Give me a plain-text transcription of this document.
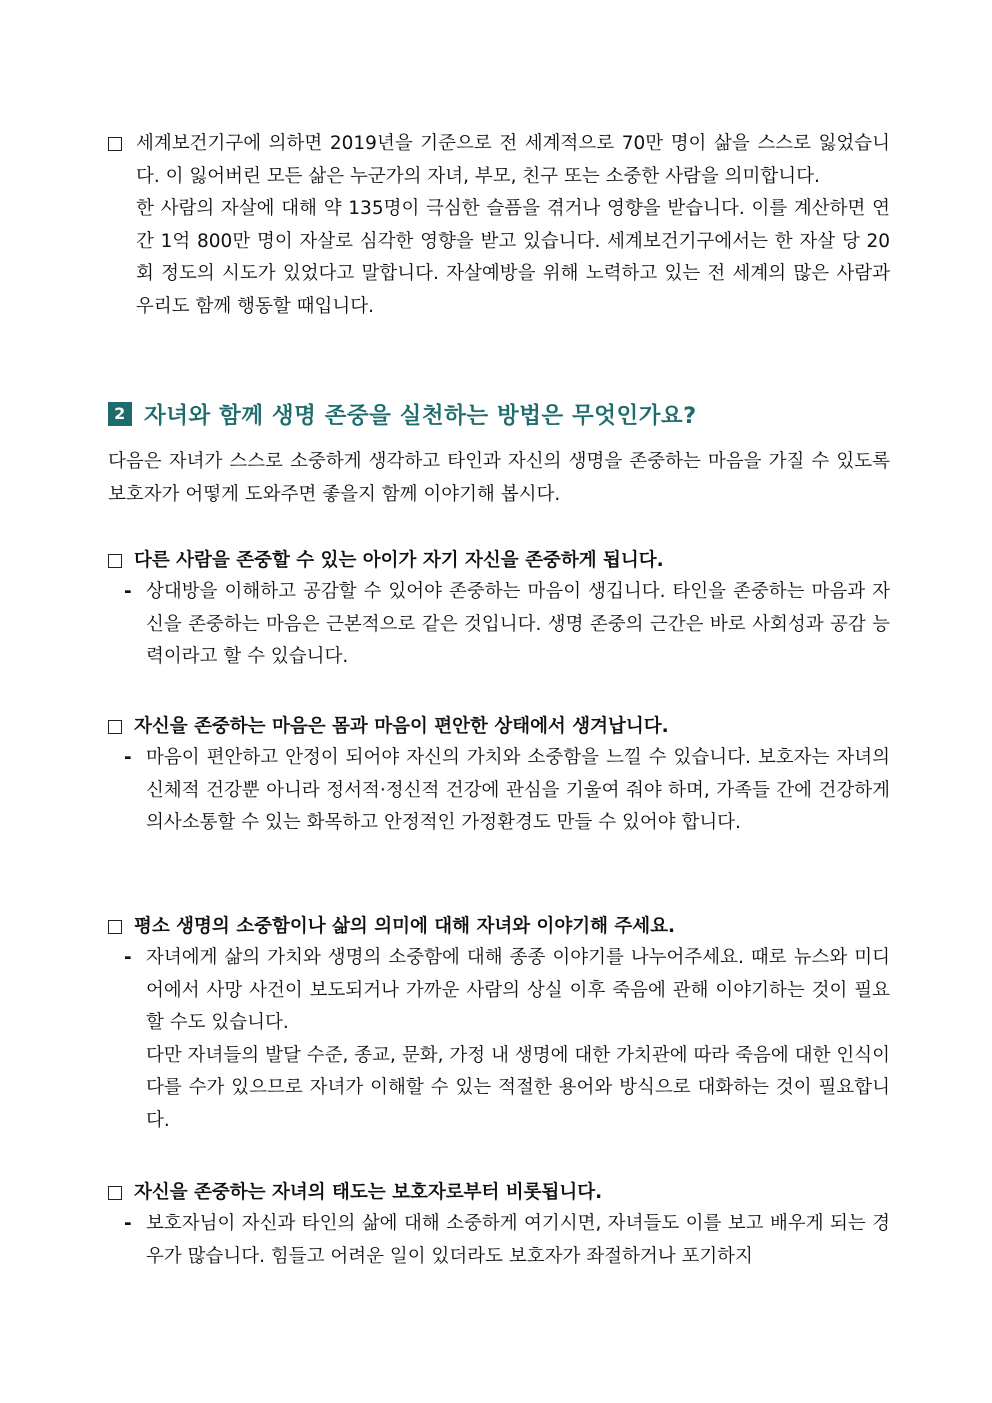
세계보건기구에 의하면 2019년을 기준으로 전 세계적으로 70만 명이 삶을 스스로 잃었습니다. 이 잃어버린 모든 삶은 누군가의 자녀, 부모, 친구 또는 소중한 사람을 의미합니다.

한 사람의 자살에 대해 약 135명이 극심한 슬픔을 겪거나 영향을 받습니다. 이를 계산하면 연간 1억 800만 명이 자살로 심각한 영향을 받고 있습니다. 세계보건기구에서는 한 자살 당 20회 정도의 시도가 있었다고 말합니다. 자살예방을 위해 노력하고 있는 전 세계의 많은 사람과 우리도 함께 행동할 때입니다.

2 자녀와 함께 생명 존중을 실천하는 방법은 무엇인가요?

다음은 자녀가 스스로 소중하게 생각하고 타인과 자신의 생명을 존중하는 마음을 가질 수 있도록 보호자가 어떻게 도와주면 좋을지 함께 이야기해 봅시다.

다른 사람을 존중할 수 있는 아이가 자기 자신을 존중하게 됩니다.
- 상대방을 이해하고 공감할 수 있어야 존중하는 마음이 생깁니다. 타인을 존중하는 마음과 자신을 존중하는 마음은 근본적으로 같은 것입니다. 생명 존중의 근간은 바로 사회성과 공감 능력이라고 할 수 있습니다.

자신을 존중하는 마음은 몸과 마음이 편안한 상태에서 생겨납니다.
- 마음이 편안하고 안정이 되어야 자신의 가치와 소중함을 느낄 수 있습니다. 보호자는 자녀의 신체적 건강뿐 아니라 정서적·정신적 건강에 관심을 기울여 줘야 하며, 가족들 간에 건강하게 의사소통할 수 있는 화목하고 안정적인 가정환경도 만들 수 있어야 합니다.

평소 생명의 소중함이나 삶의 의미에 대해 자녀와 이야기해 주세요.
- 자녀에게 삶의 가치와 생명의 소중함에 대해 종종 이야기를 나누어주세요. 때로 뉴스와 미디어에서 사망 사건이 보도되거나 가까운 사람의 상실 이후 죽음에 관해 이야기하는 것이 필요할 수도 있습니다.

다만 자녀들의 발달 수준, 종교, 문화, 가정 내 생명에 대한 가치관에 따라 죽음에 대한 인식이 다를 수가 있으므로 자녀가 이해할 수 있는 적절한 용어와 방식으로 대화하는 것이 필요합니다.

자신을 존중하는 자녀의 태도는 보호자로부터 비롯됩니다.
- 보호자님이 자신과 타인의 삶에 대해 소중하게 여기시면, 자녀들도 이를 보고 배우게 되는 경우가 많습니다. 힘들고 어려운 일이 있더라도 보호자가 좌절하거나 포기하지
